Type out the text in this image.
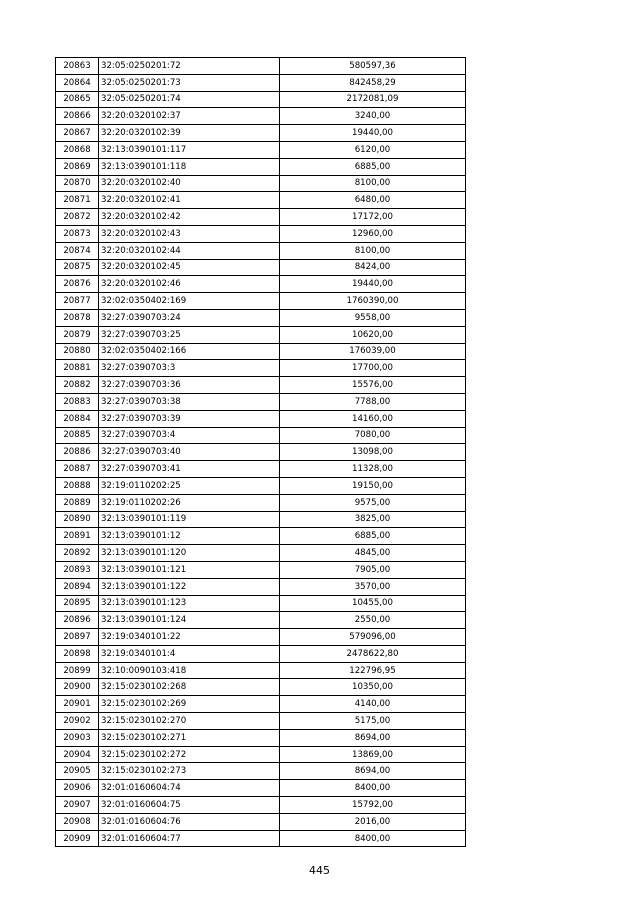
20863	32:05:0250201:72	580597,36
20864	32:05:0250201:73	842458,29
20865	32:05:0250201:74	2172081,09
20866	32:20:0320102:37	3240,00
20867	32:20:0320102:39	19440,00
20868	32:13:0390101:117	6120,00
20869	32:13:0390101:118	6885,00
20870	32:20:0320102:40	8100,00
20871	32:20:0320102:41	6480,00
20872	32:20:0320102:42	17172,00
20873	32:20:0320102:43	12960,00
20874	32:20:0320102:44	8100,00
20875	32:20:0320102:45	8424,00
20876	32:20:0320102:46	19440,00
20877	32:02:0350402:169	1760390,00
20878	32:27:0390703:24	9558,00
20879	32:27:0390703:25	10620,00
20880	32:02:0350402:166	176039,00
20881	32:27:0390703:3	17700,00
20882	32:27:0390703:36	15576,00
20883	32:27:0390703:38	7788,00
20884	32:27:0390703:39	14160,00
20885	32:27:0390703:4	7080,00
20886	32:27:0390703:40	13098,00
20887	32:27:0390703:41	11328,00
20888	32:19:0110202:25	19150,00
20889	32:19:0110202:26	9575,00
20890	32:13:0390101:119	3825,00
20891	32:13:0390101:12	6885,00
20892	32:13:0390101:120	4845,00
20893	32:13:0390101:121	7905,00
20894	32:13:0390101:122	3570,00
20895	32:13:0390101:123	10455,00
20896	32:13:0390101:124	2550,00
20897	32:19:0340101:22	579096,00
20898	32:19:0340101:4	2478622,80
20899	32:10:0090103:418	122796,95
20900	32:15:0230102:268	10350,00
20901	32:15:0230102:269	4140,00
20902	32:15:0230102:270	5175,00
20903	32:15:0230102:271	8694,00
20904	32:15:0230102:272	13869,00
20905	32:15:0230102:273	8694,00
20906	32:01:0160604:74	8400,00
20907	32:01:0160604:75	15792,00
20908	32:01:0160604:76	2016,00
20909	32:01:0160604:77	8400,00
445
